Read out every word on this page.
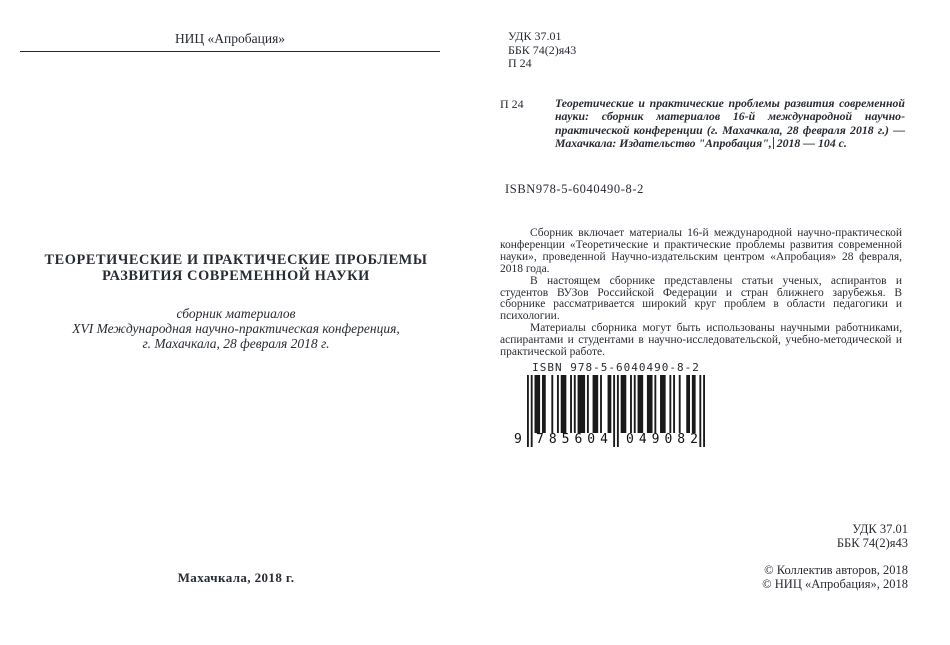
НИЦ «Апробация»
ТЕОРЕТИЧЕСКИЕ И ПРАКТИЧЕСКИЕ ПРОБЛЕМЫ РАЗВИТИЯ СОВРЕМЕННОЙ НАУКИ
сборник материалов
XVI Международная научно-практическая конференция,
г. Махачкала, 28 февраля 2018 г.
Махачкала, 2018 г.
УДК 37.01
ББК 74(2)я43
П 24
П 24	Теоретические и практические проблемы развития современной науки: сборник материалов 16-й международной научно-практической конференции (г. Махачкала, 28 февраля 2018 г.) — Махачкала: Издательство "Апробация", 2018 — 104 с.
ISBN978-5-6040490-8-2

Сборник включает материалы 16-й международной научно-практической конференции «Теоретические и практические проблемы развития современной науки», проведенной Научно-издательским центром «Апробация» 28 февраля, 2018 года.

В настоящем сборнике представлены статьи ученых, аспирантов и студентов ВУЗов Российской Федерации и стран ближнего зарубежья. В сборнике рассматривается широкий круг проблем в области педагогики и психологии.

Материалы сборника могут быть использованы научными работниками, аспирантами и студентами в научно-исследовательской, учебно-методической и практической работе.

ISBN 978-5-6040490-8-2
9 785604	049082
УДК 37.01
ББК 74(2)я43
© Коллектив авторов, 2018
© НИЦ «Апробация», 2018
